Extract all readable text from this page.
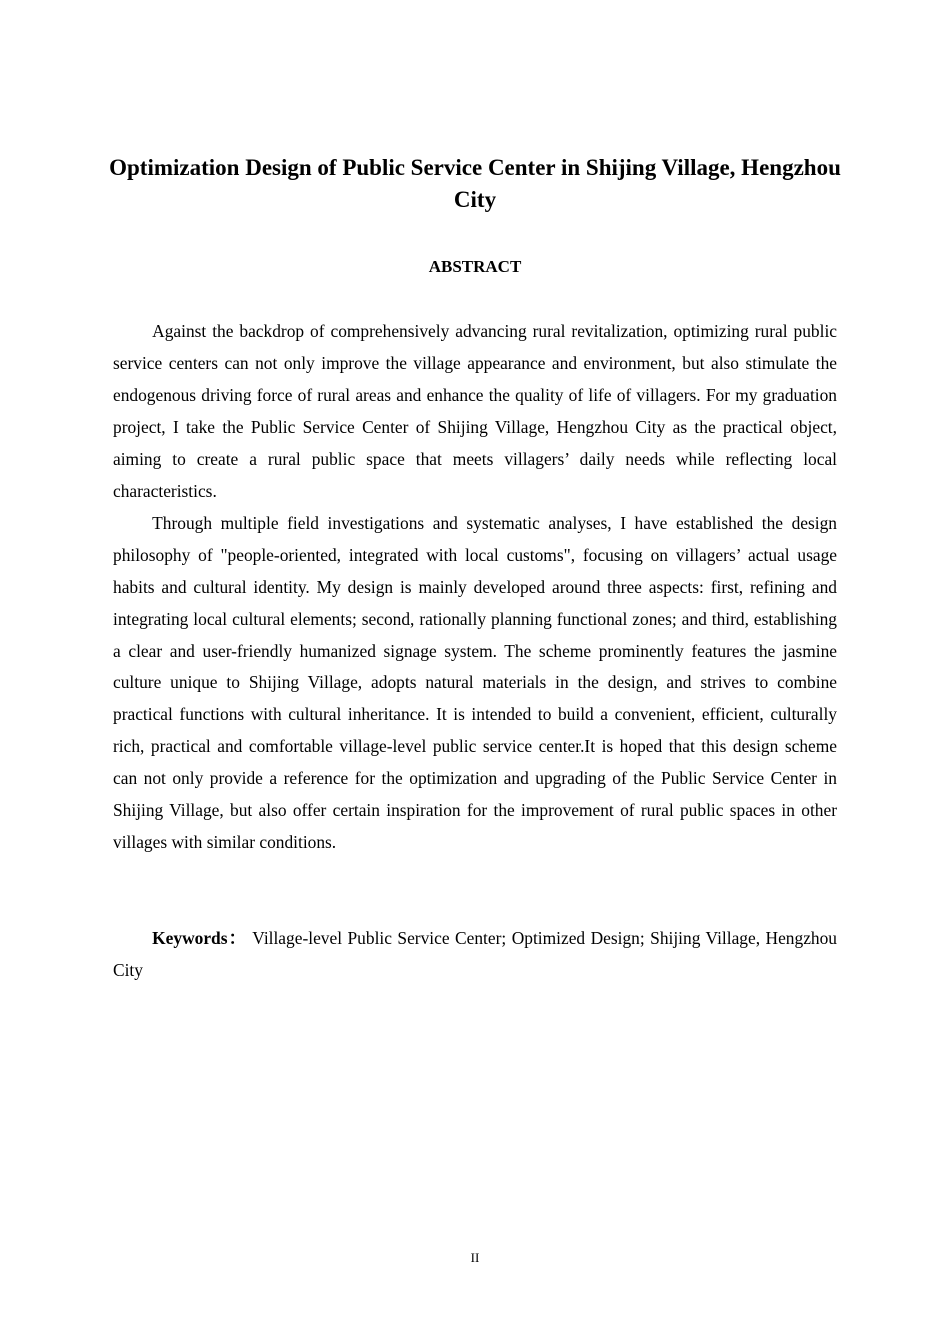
Optimization Design of Public Service Center in Shijing Village, Hengzhou City
ABSTRACT

Against the backdrop of comprehensively advancing rural revitalization, optimizing rural public service centers can not only improve the village appearance and environment, but also stimulate the endogenous driving force of rural areas and enhance the quality of life of villagers. For my graduation project, I take the Public Service Center of Shijing Village, Hengzhou City as the practical object, aiming to create a rural public space that meets villagers’ daily needs while reflecting local characteristics.

Through multiple field investigations and systematic analyses, I have established the design philosophy of "people-oriented, integrated with local customs", focusing on villagers’ actual usage habits and cultural identity. My design is mainly developed around three aspects: first, refining and integrating local cultural elements; second, rationally planning functional zones; and third, establishing a clear and user-friendly humanized signage system. The scheme prominently features the jasmine culture unique to Shijing Village, adopts natural materials in the design, and strives to combine practical functions with cultural inheritance. It is intended to build a convenient, efficient, culturally rich, practical and comfortable village-level public service center.It is hoped that this design scheme can not only provide a reference for the optimization and upgrading of the Public Service Center in Shijing Village, but also offer certain inspiration for the improvement of rural public spaces in other villages with similar conditions.

Keywords： Village-level Public Service Center; Optimized Design; Shijing Village, Hengzhou City

II
